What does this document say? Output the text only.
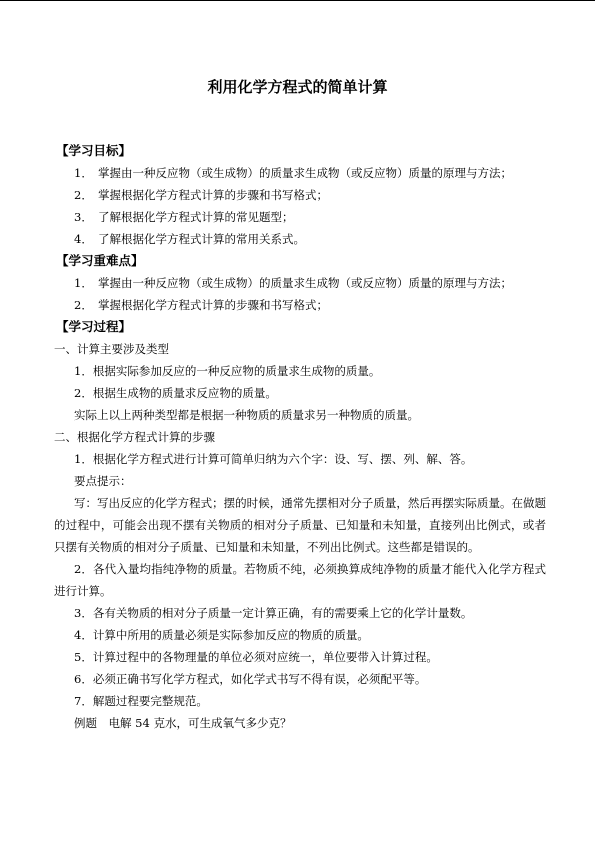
利用化学方程式的简单计算
【学习目标】
1． 掌握由一种反应物（或生成物）的质量求生成物（或反应物）质量的原理与方法；
2． 掌握根据化学方程式计算的步骤和书写格式；
3． 了解根据化学方程式计算的常见题型；
4． 了解根据化学方程式计算的常用关系式。
【学习重难点】
1． 掌握由一种反应物（或生成物）的质量求生成物（或反应物）质量的原理与方法；
2． 掌握根据化学方程式计算的步骤和书写格式；
【学习过程】
一、计算主要涉及类型
1．根据实际参加反应的一种反应物的质量求生成物的质量。
2．根据生成物的质量求反应物的质量。
实际上以上两种类型都是根据一种物质的质量求另一种物质的质量。
二、根据化学方程式计算的步骤
1．根据化学方程式进行计算可简单归纳为六个字：设、写、摆、列、解、答。
要点提示：
写：写出反应的化学方程式；摆的时候，通常先摆相对分子质量，然后再摆实际质量。在做题的过程中，可能会出现不摆有关物质的相对分子质量、已知量和未知量，直接列出比例式，或者只摆有关物质的相对分子质量、已知量和未知量，不列出比例式。这些都是错误的。
2．各代入量均指纯净物的质量。若物质不纯，必须换算成纯净物的质量才能代入化学方程式进行计算。
3．各有关物质的相对分子质量一定计算正确，有的需要乘上它的化学计量数。
4．计算中所用的质量必须是实际参加反应的物质的质量。
5．计算过程中的各物理量的单位必须对应统一，单位要带入计算过程。
6．必须正确书写化学方程式，如化学式书写不得有误，必须配平等。
7．解题过程要完整规范。
例题　电解 54 克水，可生成氧气多少克？
